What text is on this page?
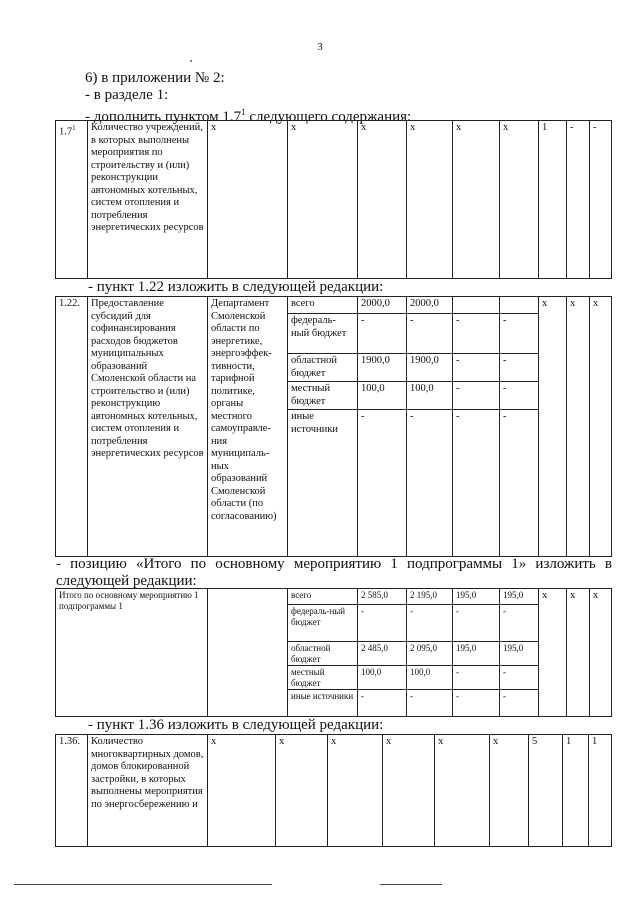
3
6) в приложении № 2:
- в разделе 1:
- дополнить пунктом $1.7^1$ следующего содержания:
$1.7^1$	Количество учреждений, в которых выполнены мероприятия по строительству и (или) реконструкции автономных котельных, систем отопления и потребления энергетических ресурсов	x	x	x	x	x	x	1	-	-
- пункт 1.22 изложить в следующей редакции:
1.22.	Предоставление субсидий для софинансирования расходов бюджетов муниципальных образований Смоленской области на строительство и (или) реконструкцию автономных котельных, систем отопления и потребления энергетических ресурсов	Департамент Смоленской области по энергетике, энергоэффек-тивности, тарифной политике, органы местного самоуправле-ния муниципаль-ных образований Смоленской области (по согласованию)	всего	2000,0	2000,0			x	x	x
			федераль-ный бюджет	-	-	-	-			
			областной бюджет	1900,0	1900,0	-	-			
			местный бюджет	100,0	100,0	-	-			
			иные источники	-	-	-	-			
- позицию «Итого по основному мероприятию 1 подпрограммы 1» изложить в следующей редакции:
Итого по основному мероприятию 1 подпрограммы 1		всего	2 585,0	2 195,0	195,0	195,0	x	x	x
		федераль-ный бюджет	-	-	-	-			
		областной бюджет	2 485,0	2 095,0	195,0	195,0			
		местный бюджет	100,0	100,0	-	-			
		иные источники	-	-	-	-			
- пункт 1.36 изложить в следующей редакции:
1.36.	Количество многоквартирных домов, домов блокированной застройки, в которых выполнены мероприятия по энергосбережению и	x	x	x	x	x	x	5	1	1
